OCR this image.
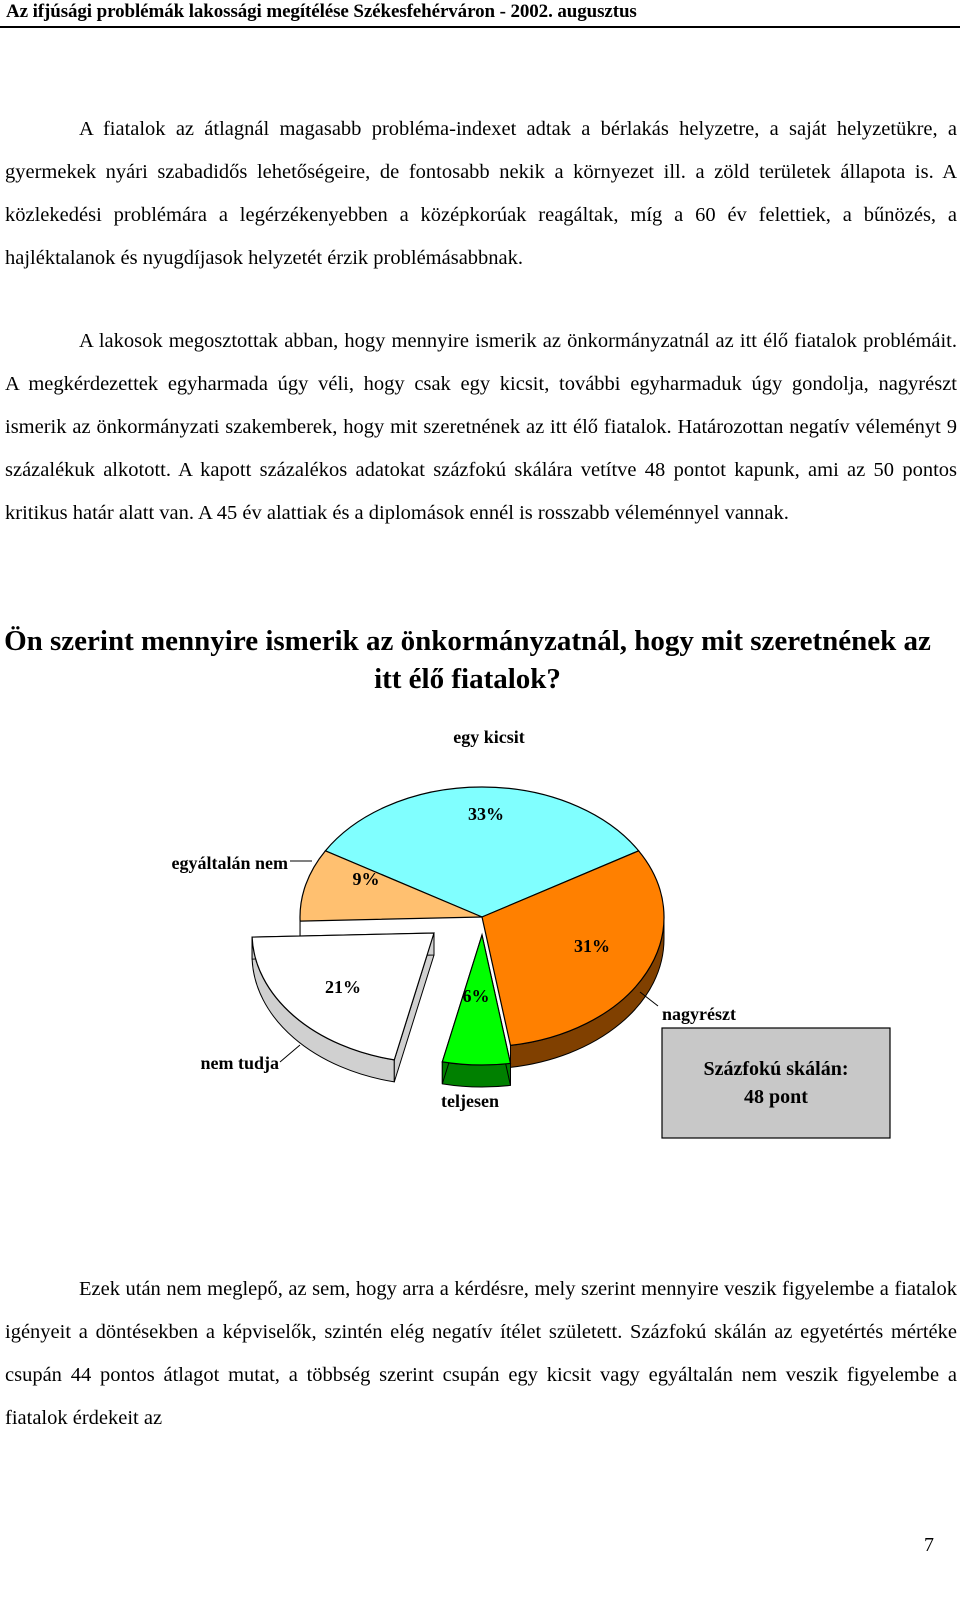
Az ifjúsági problémák lakossági megítélése Székesfehérváron - 2002. augusztus

A fiatalok az átlagnál magasabb probléma-indexet adtak a bérlakás helyzetre, a saját helyzetükre, a gyermekek nyári szabadidős lehetőségeire, de fontosabb nekik a környezet ill. a zöld területek állapota is. A közlekedési problémára a legérzékenyebben a középkorúak reagáltak, míg a 60 év felettiek, a bűnözés, a hajléktalanok és nyugdíjasok helyzetét érzik problémásabbnak.

A lakosok megosztottak abban, hogy mennyire ismerik az önkormányzatnál az itt élő fiatalok problémáit. A megkérdezettek egyharmada úgy véli, hogy csak egy kicsit, további egyharmaduk úgy gondolja, nagyrészt ismerik az önkormányzati szakemberek, hogy mit szeretnének az itt élő fiatalok. Határozottan negatív véleményt 9 százalékuk alkotott. A kapott százalékos adatokat százfokú skálára vetítve 48 pontot kapunk, ami az 50 pontos kritikus határ alatt van. A 45 év alattiak és a diplomások ennél is rosszabb véleménnyel vannak.

Ön szerint mennyire ismerik az önkormányzatnál, hogy mit szeretnének az itt élő fiatalok?
33%
egy kicsit
31%
nagyrészt
6%
teljesen
21%
nem tudja
9%
egyáltalán nem
Százfokú skálán:
48 pont

Ezek után nem meglepő, az sem, hogy arra a kérdésre, mely szerint mennyire veszik figyelembe a fiatalok igényeit a döntésekben a képviselők, szintén elég negatív ítélet született. Százfokú skálán az egyetértés mértéke csupán 44 pontos átlagot mutat, a többség szerint csupán egy kicsit vagy egyáltalán nem veszik figyelembe a fiatalok érdekeit az

7
